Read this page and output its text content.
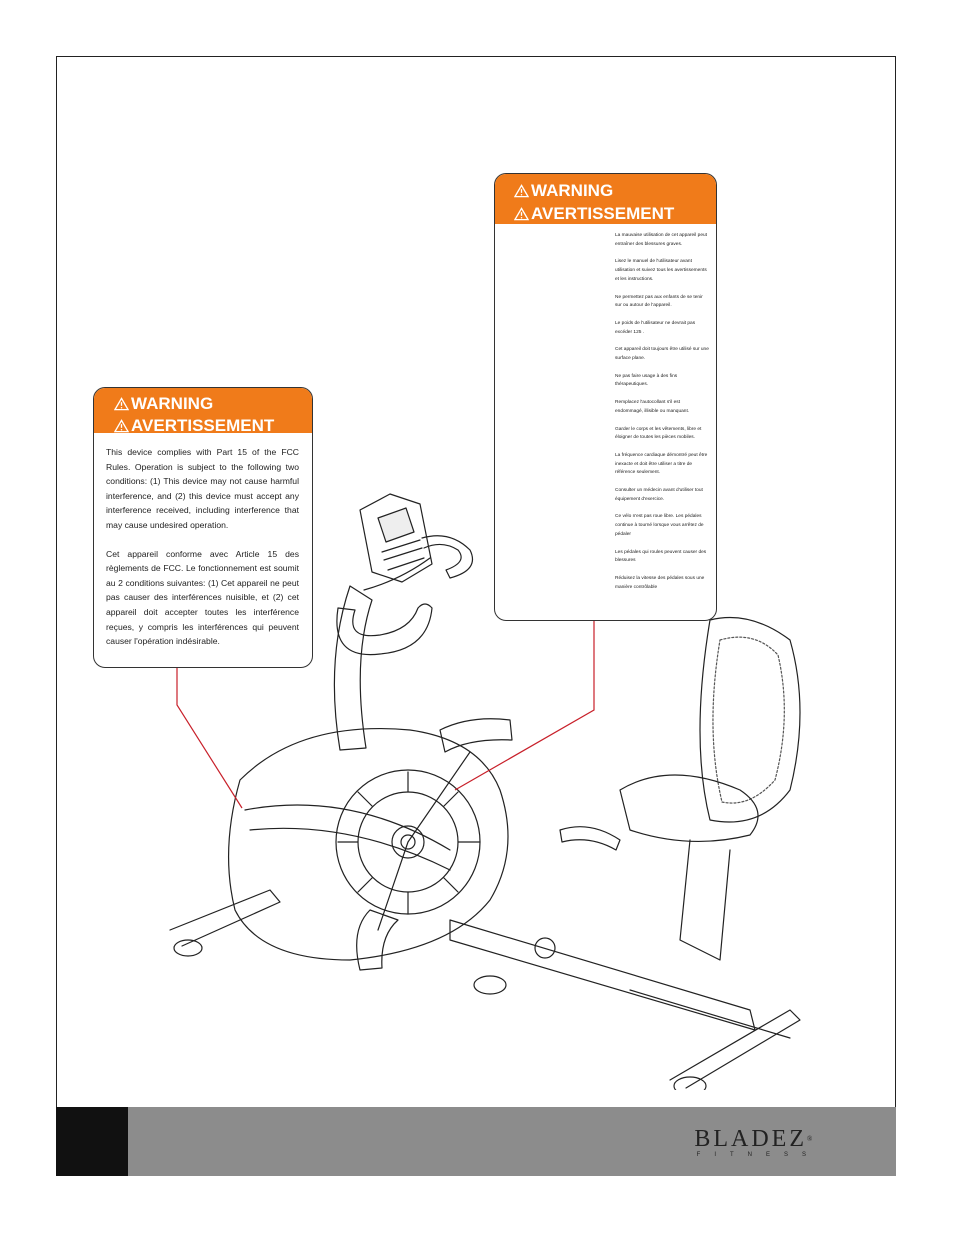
WARNING
AVERTISSEMENT

This device complies with Part 15 of the FCC Rules. Operation is subject to the following two conditions: (1) This device may not cause harmful interference, and (2) this device must accept any interference received, including interference that may cause undesired operation.

Cet appareil conforme avec Article 15 des règlements de FCC. Le fonctionnement est soumit au 2 conditions suivantes: (1) Cet appareil ne peut pas causer des interférences nuisible, et (2) cet appareil doit accepter toutes les interférence reçues, y compris les interférences qui peuvent causer l'opération indésirable.

WARNING
AVERTISSEMENT

La mauvaise utilisation de cet appareil peut entraîner des blessures graves.

Lisez le manuel de l'utilisateur avant utilisation et suivez tous les avertissements et les instructions.

Ne permettez pas aux enfants de se tenir sur ou autour de l'appareil.

Le poids de l'utilisateur ne devrait pas excéder 125 .

Cet appareil doit toujours être utilisé sur une surface plane.

Ne pas faire usage à des fins thérapeutiques.

Remplacez l'autocollant s'il est endommagé, illisible ou manquant.

Garder le corps et les vêtements, libre et éloigner de toutes les pièces mobiles.

La fréquence cardiaque démontré peut être inexacte et doit être utiliser a titre de référence seulement.

Consulter un médecin avant d'utiliser tout équipement d'exercice.

Ce vélo n'est pas roue libre. Les pédales continue à tourné lorsque vous arrêtez de pédaler

Les pédales qui roules peuvent causer des blessures

Réduisez la vitesse des pédales sous une manière contrôlable

BLADEZ®
FITNESS
